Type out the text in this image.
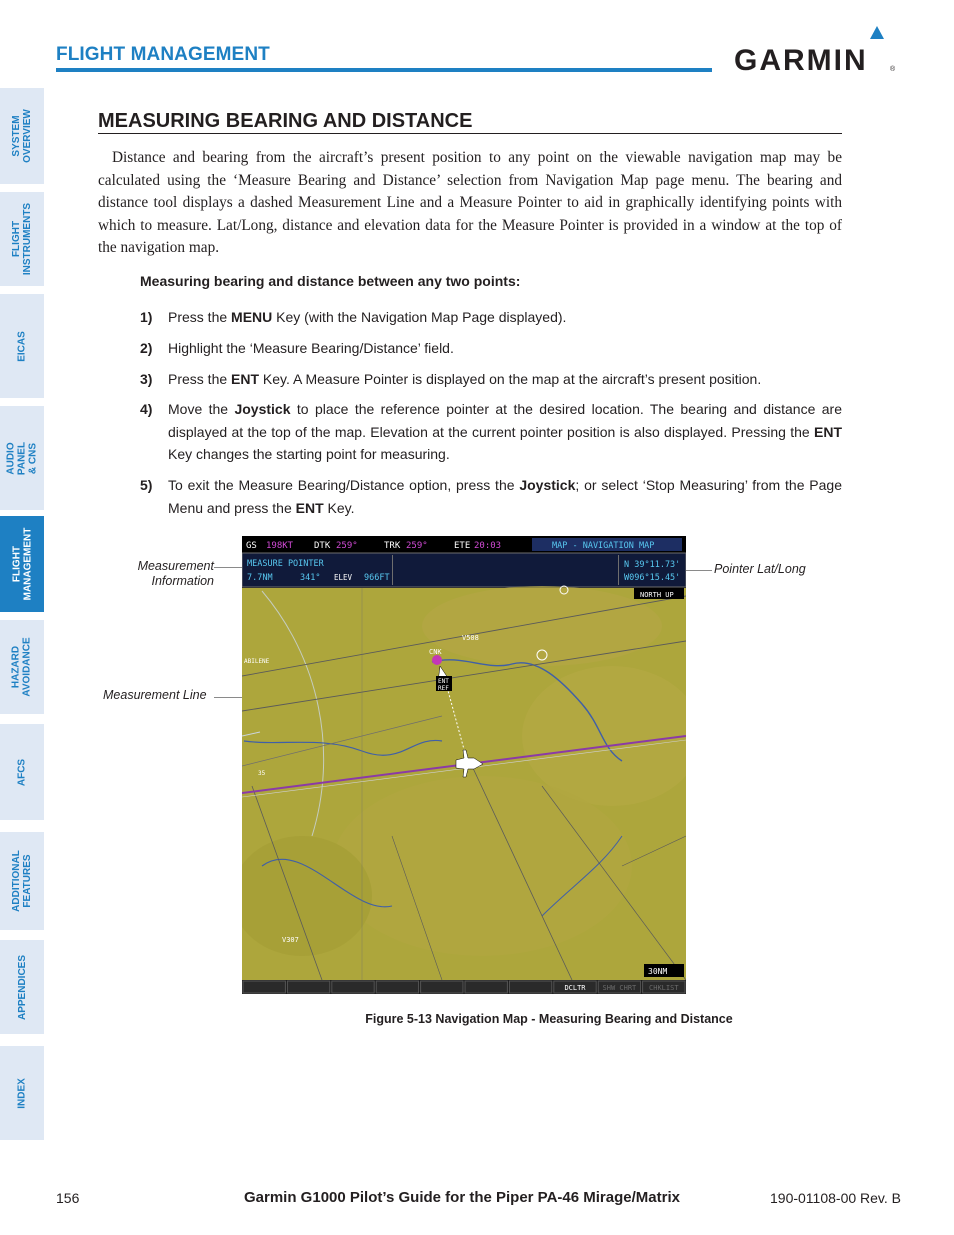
FLIGHT MANAGEMENT	GARMIN	®
SYSTEM
OVERVIEW
FLIGHT
INSTRUMENTS
EICAS
AUDIO PANEL
& CNS
FLIGHT
MANAGEMENT
HAZARD
AVOIDANCE
AFCS
ADDITIONAL
FEATURES
APPENDICES
INDEX
MEASURING BEARING AND DISTANCE

Distance and bearing from the aircraft’s present position to any point on the viewable navigation map may be calculated using the ‘Measure Bearing and Distance’ selection from Navigation Map page menu. The bearing and distance tool displays a dashed Measurement Line and a Measure Pointer to aid in graphically identifying points with which to measure. Lat/Long, distance and elevation data for the Measure Pointer is provided in a window at the top of the navigation map.

Measuring bearing and distance between any two points:
1)	Press the MENU Key (with the Navigation Map Page displayed).
2)	Highlight the ‘Measure Bearing/Distance’ field.
3)	Press the ENT Key. A Measure Pointer is displayed on the map at the aircraft’s present position.
4)	Move the Joystick to place the reference pointer at the desired location. The bearing and distance are displayed at the top of the map. Elevation at the current pointer position is also displayed. Pressing the ENT Key changes the starting point for measuring.
5)	To exit the Measure Bearing/Distance option, press the Joystick; or select ‘Stop Measuring’ from the Page Menu and press the ENT Key.
Measurement
Information
Pointer Lat/Long
Measurement Line
GS 198KT DTK 259°	TRK 259°	ETE 20:03	MAP - NAVIGATION MAP
MEASURE POINTER
7.7NM	341° ELEV 966FT
N 39°11.73'
W096°15.45'
CNK
ENT
REF
V508
V307
ABILENE
35
NORTH UP
30NM
DCLTR SHW CHRT CHKLIST
Figure 5-13 Navigation Map - Measuring Bearing and Distance
156	Garmin G1000 Pilot’s Guide for the Piper PA-46 Mirage/Matrix	190-01108-00 Rev. B
